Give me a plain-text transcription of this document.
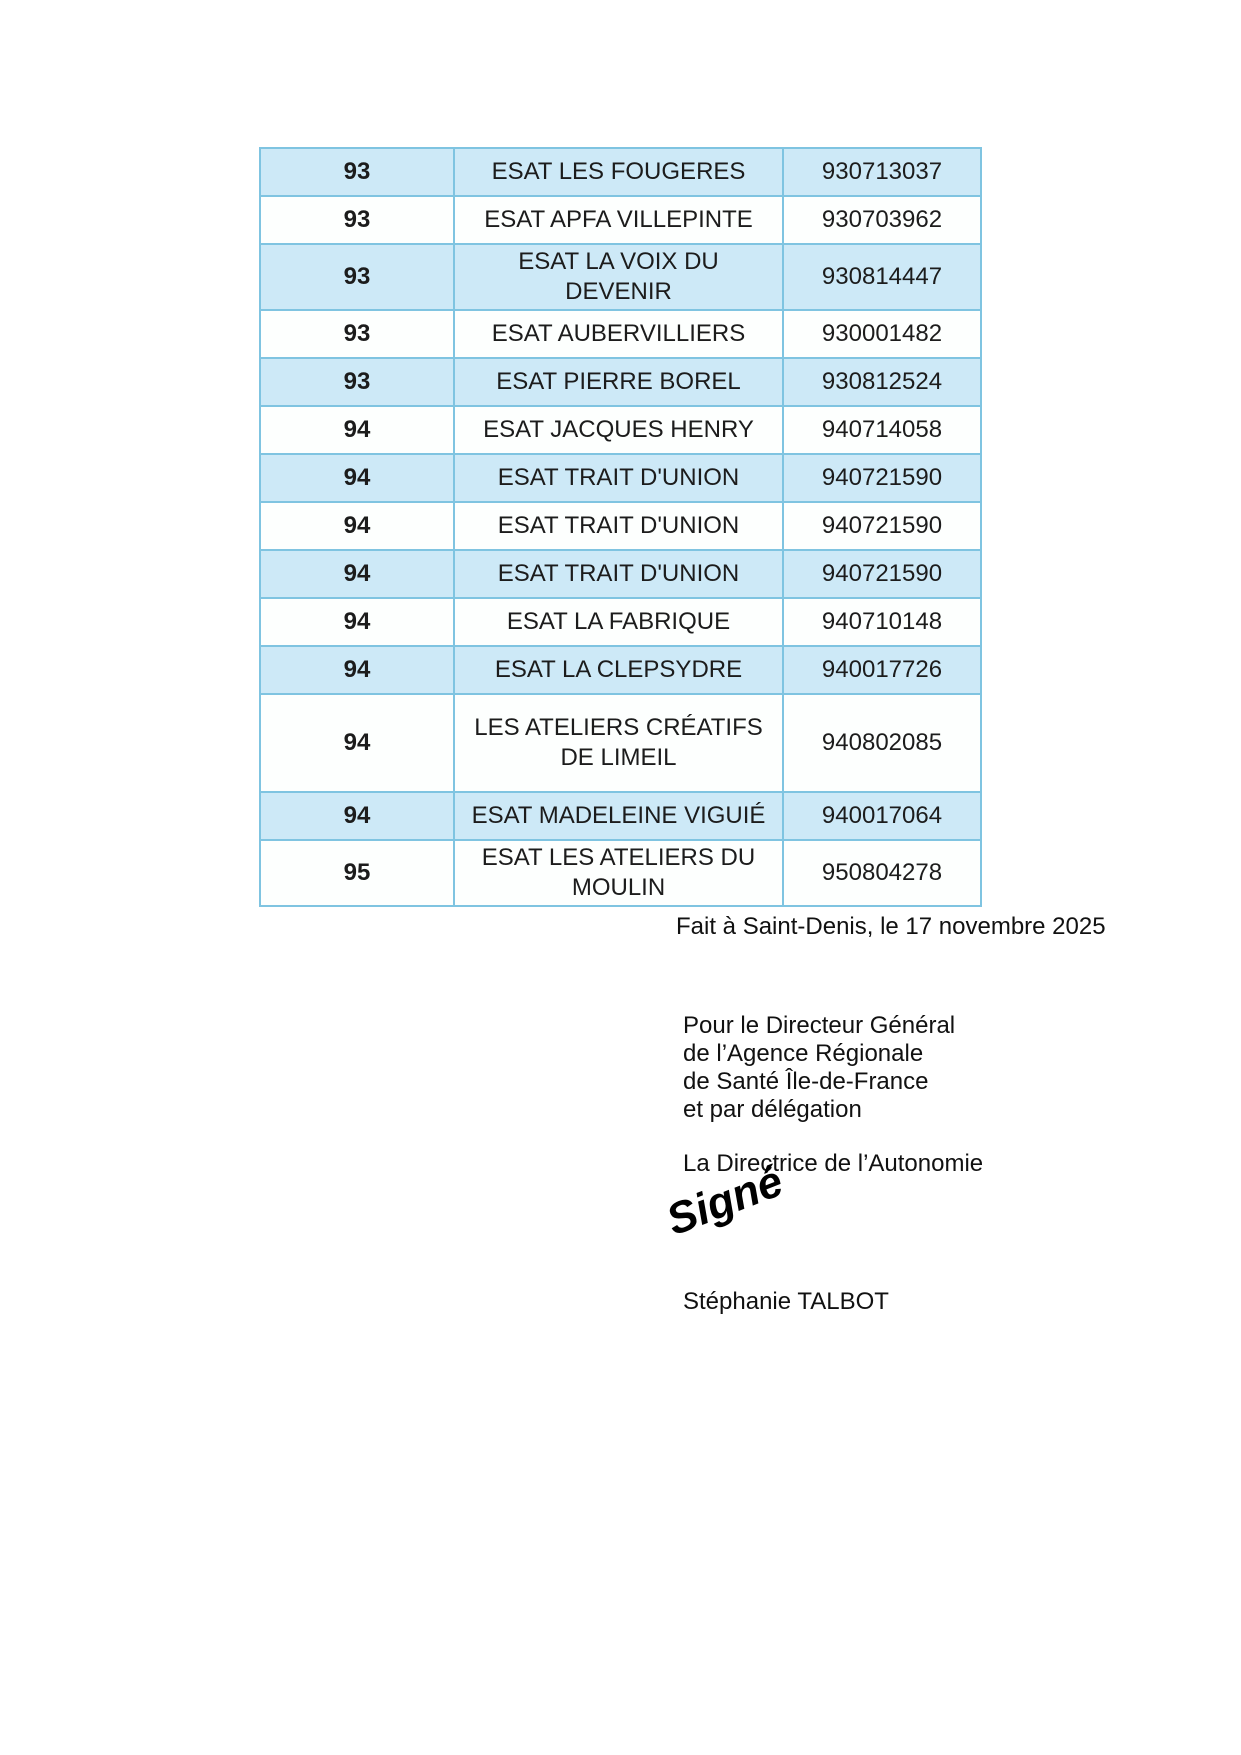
93	ESAT LES FOUGERES	930713037
93	ESAT APFA VILLEPINTE	930703962
93	ESAT LA VOIX DU DEVENIR	930814447
93	ESAT AUBERVILLIERS	930001482
93	ESAT PIERRE BOREL	930812524
94	ESAT JACQUES HENRY	940714058
94	ESAT TRAIT D'UNION	940721590
94	ESAT TRAIT D'UNION	940721590
94	ESAT TRAIT D'UNION	940721590
94	ESAT LA FABRIQUE	940710148
94	ESAT LA CLEPSYDRE	940017726
94	LES ATELIERS CRÉATIFS DE LIMEIL	940802085
94	ESAT MADELEINE VIGUIÉ	940017064
95	ESAT LES ATELIERS DU MOULIN	950804278
Fait à Saint-Denis, le 17 novembre 2025
Pour le Directeur Général
de l’Agence Régionale
de Santé Île-de-France
et par délégation
La Directrice de l’Autonomie
Signé
Stéphanie TALBOT
